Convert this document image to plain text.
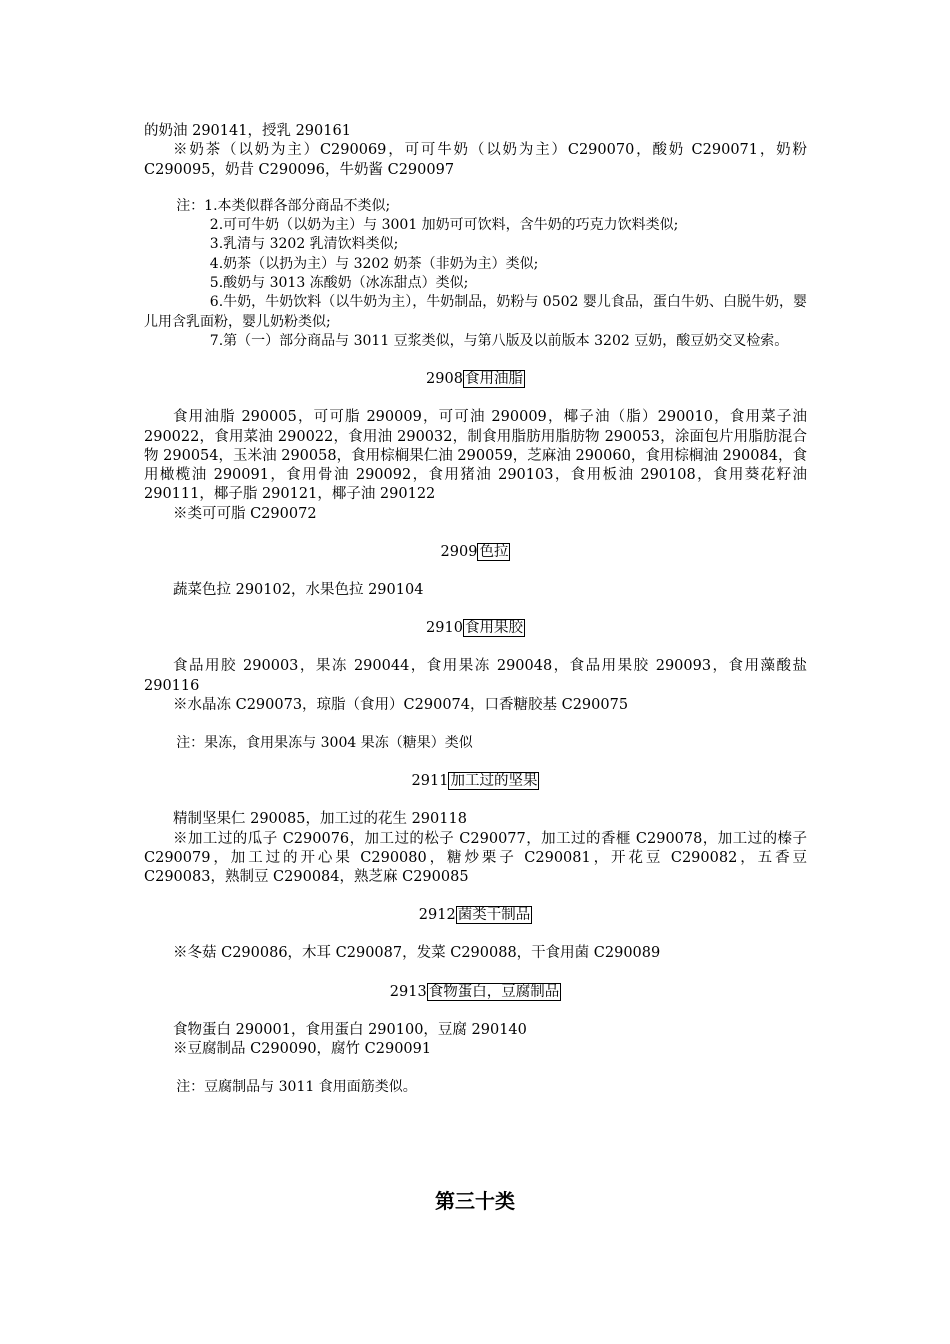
的奶油 290141，授乳 290161

※奶茶（以奶为主）C290069，可可牛奶（以奶为主）C290070，酸奶 C290071，奶粉 C290095，奶昔 C290096，牛奶酱 C290097

注：1.本类似群各部分商品不类似;

2.可可牛奶（以奶为主）与 3001 加奶可可饮料，含牛奶的巧克力饮料类似;

3.乳清与 3202 乳清饮料类似;

4.奶茶（以扔为主）与 3202 奶茶（非奶为主）类似;

5.酸奶与 3013 冻酸奶（冰冻甜点）类似;

6.牛奶，牛奶饮料（以牛奶为主），牛奶制品，奶粉与 0502 婴儿食品，蛋白牛奶、白脱牛奶，婴儿用含乳面粉，婴儿奶粉类似;

7.第（一）部分商品与 3011 豆浆类似，与第八版及以前版本 3202 豆奶，酸豆奶交叉检索。

2908 食用油脂

食用油脂 290005，可可脂 290009，可可油 290009，椰子油（脂）290010，食用菜子油 290022，食用菜油 290022，食用油 290032，制食用脂肪用脂肪物 290053，涂面包片用脂肪混合物 290054，玉米油 290058，食用棕榈果仁油 290059，芝麻油 290060，食用棕榈油 290084，食用橄榄油 290091，食用骨油 290092，食用猪油 290103，食用板油 290108，食用葵花籽油 290111，椰子脂 290121，椰子油 290122

※类可可脂 C290072

2909 色拉

蔬菜色拉 290102，水果色拉 290104

2910 食用果胶

食品用胶 290003，果冻 290044，食用果冻 290048，食品用果胶 290093，食用藻酸盐 290116

※水晶冻 C290073，琼脂（食用）C290074，口香糖胶基 C290075

注：果冻，食用果冻与 3004 果冻（糖果）类似

2911 加工过的坚果

精制坚果仁 290085，加工过的花生 290118

※加工过的瓜子 C290076，加工过的松子 C290077，加工过的香榧 C290078，加工过的榛子 C290079，加工过的开心果 C290080，糖炒栗子 C290081，开花豆 C290082，五香豆 C290083，熟制豆 C290084，熟芝麻 C290085

2912 菌类干制品

※冬菇 C290086，木耳 C290087，发菜 C290088，干食用菌 C290089

2913 食物蛋白，豆腐制品

食物蛋白 290001，食用蛋白 290100，豆腐 290140

※豆腐制品 C290090，腐竹 C290091

注：豆腐制品与 3011 食用面筋类似。

第三十类
